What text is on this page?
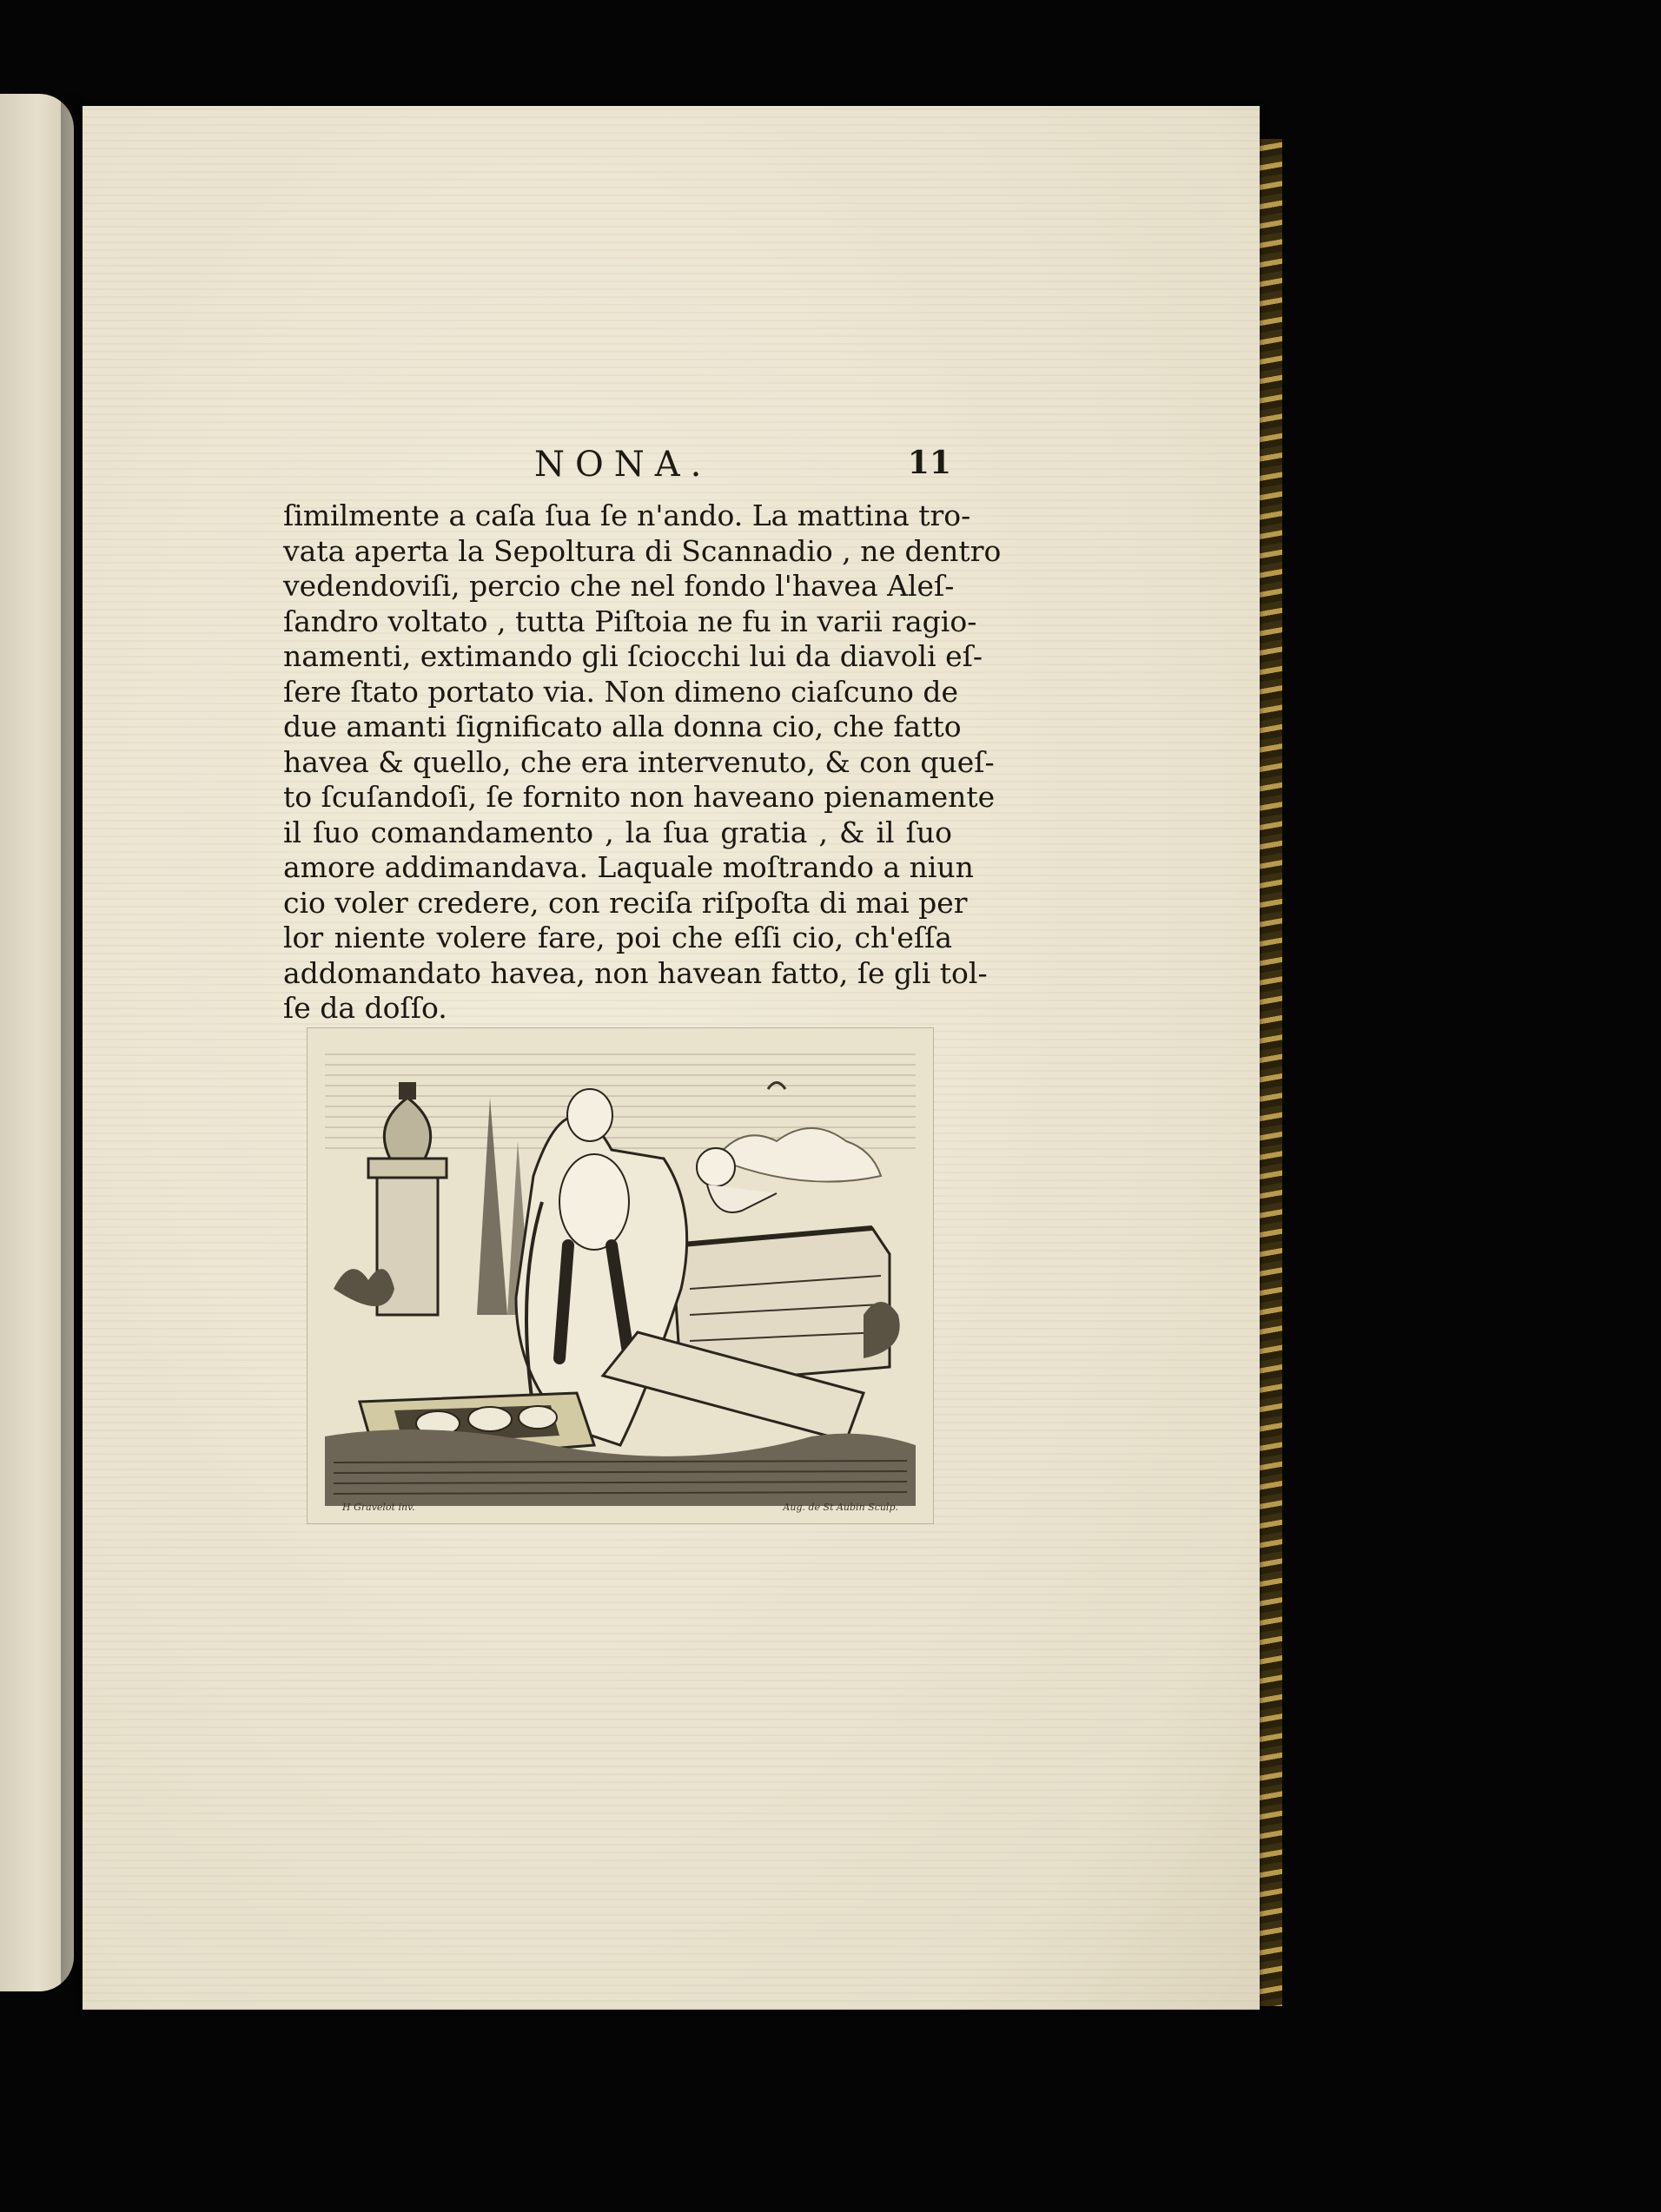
NONA.	11
ſimilmente a caſa ſua ſe n'ando. La mattina tro-
vata aperta la Sepoltura di Scannadio , ne dentro
vedendoviſi, percio che nel fondo l'havea Aleſ-
ſandro voltato , tutta Piſtoia ne fu in varii ragio-
namenti, extimando gli ſciocchi lui da diavoli eſ-
ſere ſtato portato via. Non dimeno ciaſcuno de
due amanti ſignificato alla donna cio, che fatto
havea & quello, che era intervenuto, & con queſ-
to ſcuſandoſi, ſe fornito non haveano pienamente
il ſuo comandamento , la ſua gratia , & il ſuo
amore addimandava. Laquale moſtrando a niun
cio voler credere, con reciſa riſpoſta di mai per
lor niente volere fare, poi che eſſi cio, ch'eſſa
addomandato havea, non havean fatto, ſe gli tol-
ſe da doſſo.
H Gravelot inv.	Aug. de St Aubin Sculp.
